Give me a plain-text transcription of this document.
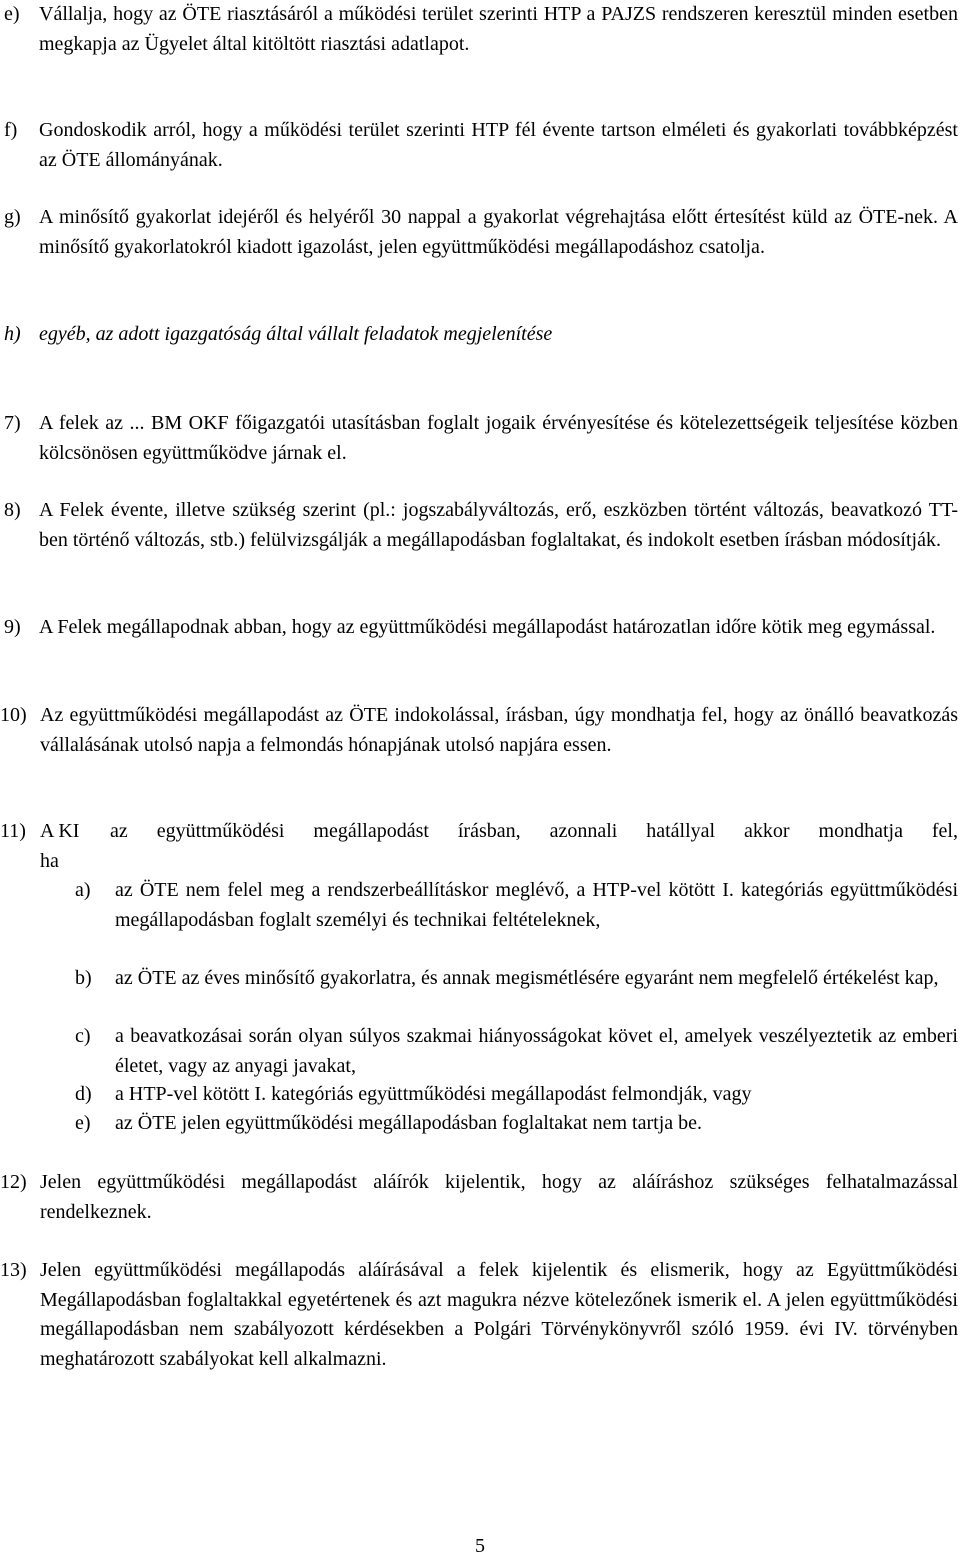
e) Vállalja, hogy az ÖTE riasztásáról a működési terület szerinti HTP a PAJZS rendszeren keresztül minden esetben megkapja az Ügyelet által kitöltött riasztási adatlapot.
f) Gondoskodik arról, hogy a működési terület szerinti HTP fél évente tartson elméleti és gyakorlati továbbképzést az ÖTE állományának.
g) A minősítő gyakorlat idejéről és helyéről 30 nappal a gyakorlat végrehajtása előtt értesítést küld az ÖTE-nek. A minősítő gyakorlatokról kiadott igazolást, jelen együttműködési megállapodáshoz csatolja.
h) egyéb, az adott igazgatóság által vállalt feladatok megjelenítése
7) A felek az ... BM OKF főigazgatói utasításban foglalt jogaik érvényesítése és kötelezettségeik teljesítése közben kölcsönösen együttműködve járnak el.
8) A Felek évente, illetve szükség szerint (pl.: jogszabályváltozás, erő, eszközben történt változás, beavatkozó TT-ben történő változás, stb.) felülvizsgálják a megállapodásban foglaltakat, és indokolt esetben írásban módosítják.
9) A Felek megállapodnak abban, hogy az együttműködési megállapodást határozatlan időre kötik meg egymással.
10) Az együttműködési megállapodást az ÖTE indokolással, írásban, úgy mondhatja fel, hogy az önálló beavatkozás vállalásának utolsó napja a felmondás hónapjának utolsó napjára essen.
11) A KI az együttműködési megállapodást írásban, azonnali hatállyal akkor mondhatja fel,
ha
a) az ÖTE nem felel meg a rendszerbeállításkor meglévő, a HTP-vel kötött I. kategóriás együttműködési megállapodásban foglalt személyi és technikai feltételeknek,
b) az ÖTE az éves minősítő gyakorlatra, és annak megismétlésére egyaránt nem megfelelő értékelést kap,
c) a beavatkozásai során olyan súlyos szakmai hiányosságokat követ el, amelyek veszélyeztetik az emberi életet, vagy az anyagi javakat,
d) a HTP-vel kötött I. kategóriás együttműködési megállapodást felmondják, vagy
e) az ÖTE jelen együttműködési megállapodásban foglaltakat nem tartja be.
12) Jelen együttműködési megállapodást aláírók kijelentik, hogy az aláíráshoz szükséges felhatalmazással rendelkeznek.
13) Jelen együttműködési megállapodás aláírásával a felek kijelentik és elismerik, hogy az Együttműködési Megállapodásban foglaltakkal egyetértenek és azt magukra nézve kötelezőnek ismerik el. A jelen együttműködési megállapodásban nem szabályozott kérdésekben a Polgári Törvénykönyvről szóló 1959. évi IV. törvényben meghatározott szabályokat kell alkalmazni.
5
